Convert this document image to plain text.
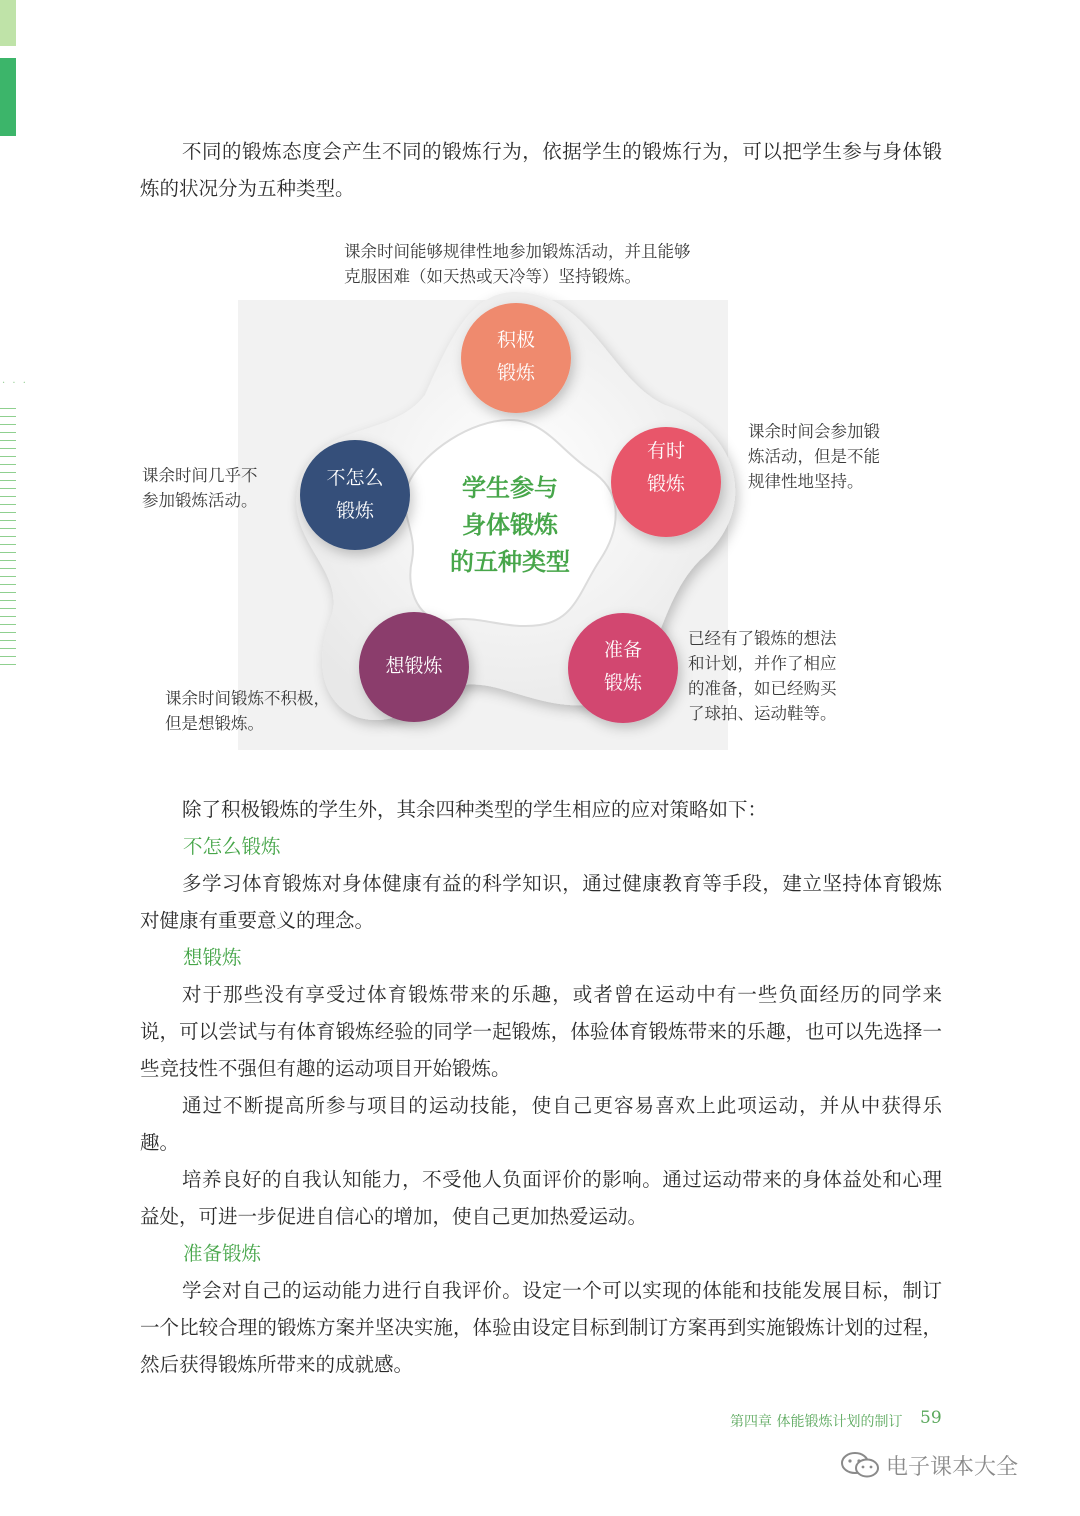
· · ·

不同的锻炼态度会产生不同的锻炼行为，依据学生的锻炼行为，可以把学生参与身体锻炼的状况分为五种类型。

积极
锻炼
有时
锻炼
准备
锻炼
想锻炼
不怎么
锻炼
学生参与
身体锻炼
的五种类型
课余时间能够规律性地参加锻炼活动，并且能够
克服困难（如天热或天冷等）坚持锻炼。
课余时间会参加锻
炼活动，但是不能
规律性地坚持。
已经有了锻炼的想法
和计划，并作了相应
的准备，如已经购买
了球拍、运动鞋等。
课余时间锻炼不积极，
但是想锻炼。
课余时间几乎不
参加锻炼活动。

除了积极锻炼的学生外，其余四种类型的学生相应的应对策略如下：

不怎么锻炼

多学习体育锻炼对身体健康有益的科学知识，通过健康教育等手段，建立坚持体育锻炼对健康有重要意义的理念。

想锻炼

对于那些没有享受过体育锻炼带来的乐趣，或者曾在运动中有一些负面经历的同学来说，可以尝试与有体育锻炼经验的同学一起锻炼，体验体育锻炼带来的乐趣，也可以先选择一些竞技性不强但有趣的运动项目开始锻炼。

通过不断提高所参与项目的运动技能，使自己更容易喜欢上此项运动，并从中获得乐趣。

培养良好的自我认知能力，不受他人负面评价的影响。通过运动带来的身体益处和心理益处，可进一步促进自信心的增加，使自己更加热爱运动。

准备锻炼

学会对自己的运动能力进行自我评价。设定一个可以实现的体能和技能发展目标，制订一个比较合理的锻炼方案并坚决实施，体验由设定目标到制订方案再到实施锻炼计划的过程，然后获得锻炼所带来的成就感。

第四章 体能锻炼计划的制订 59
电子课本大全
